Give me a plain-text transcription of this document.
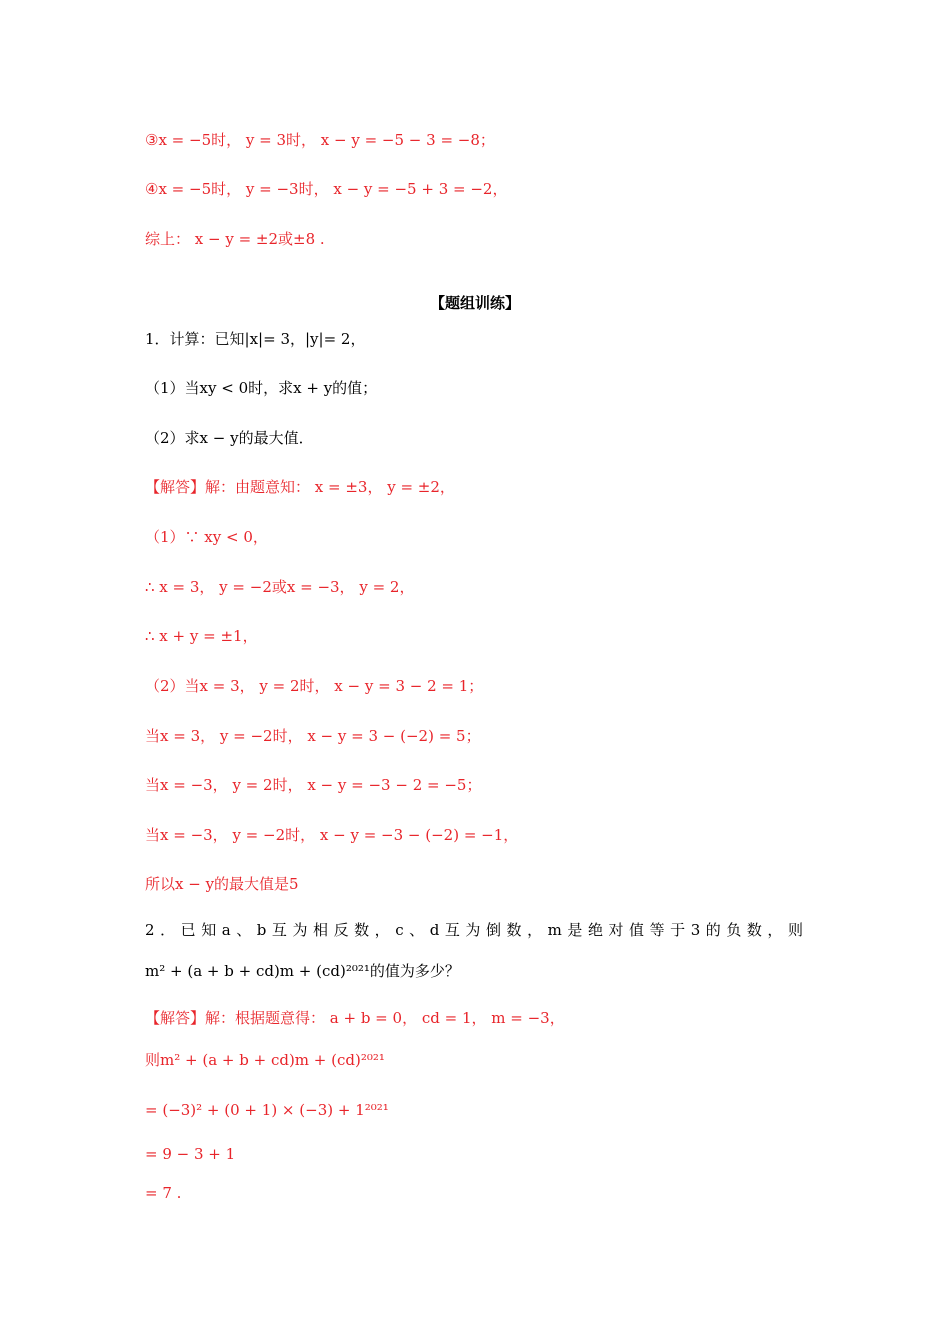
③x = −5时， y = 3时， x − y = −5 − 3 = −8；
④x = −5时， y = −3时， x − y = −5 + 3 = −2，
综上： x − y = ±2或±8 .
【题组训练】
1．计算：已知|x|= 3，|y|= 2，
（1）当xy < 0时，求x + y的值；
（2）求x − y的最大值．
【解答】解：由题意知： x = ±3， y = ±2，
（1）∵ xy < 0，
∴ x = 3， y = −2或x = −3， y = 2，
∴ x + y = ±1，
（2）当x = 3， y = 2时， x − y = 3 − 2 = 1；
当x = 3， y = −2时， x − y = 3 − (−2) = 5；
当x = −3， y = 2时， x − y = −3 − 2 = −5；
当x = −3， y = −2时， x − y = −3 − (−2) = −1，
所以x − y的最大值是5
2．已知a、b互为相反数，c、d互为倒数，m是绝对值等于3的负数，则
m² + (a + b + cd)m + (cd)²⁰²¹的值为多少？
【解答】解：根据题意得： a + b = 0， cd = 1， m = −3，
则m² + (a + b + cd)m + (cd)²⁰²¹
= (−3)² + (0 + 1) × (−3) + 1²⁰²¹
= 9 − 3 + 1
= 7 .
